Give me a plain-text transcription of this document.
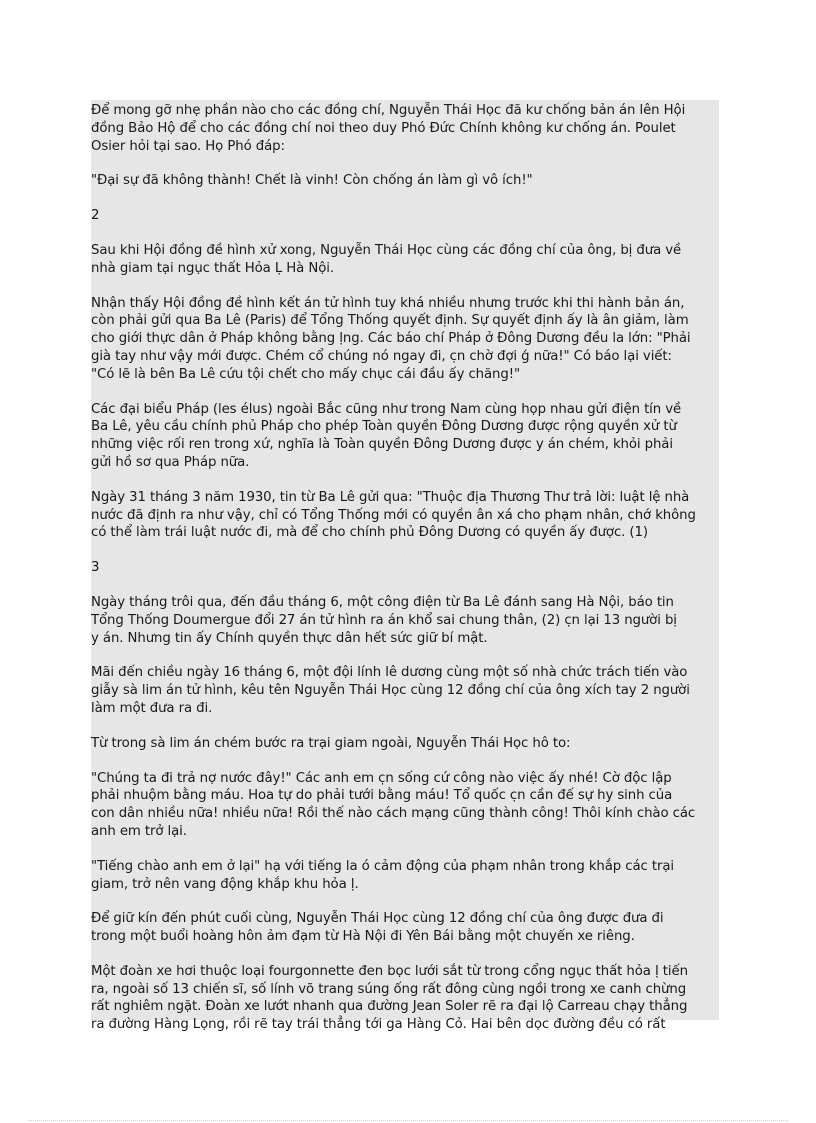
Để mong gỡ nhẹ phần nào cho các đồng chí, Nguyễn Thái Học đã kư chống bản án lên Hội
đồng Bảo Hộ để cho các đồng chí noi theo duy Phó Đức Chính không kư chống án. Poulet
Osier hỏi tại sao. Họ Phó đáp:

"Đại sự đã không thành! Chết là vinh! Còn chống án làm gì vô ích!"

2

Sau khi Hội đồng đề hình xử xong, Nguyễn Thái Học cùng các đồng chí của ông, bị đưa về
nhà giam tại ngục thất Hỏa Ḷ Hà Nội.

Nhận thấy Hội đồng đề hình kết án tử hình tuy khá nhiều nhưng trước khi thi hành bản án,
còn phải gửi qua Ba Lê (Paris) để Tổng Thống quyết định. Sự quyết định ấy là ân giảm, làm
cho giới thực dân ở Pháp không bằng ḷng. Các báo chí Pháp ở Đông Dương đều la lớn: "Phải
già tay như vậy mới được. Chém cổ chúng nó ngay đi, c̣n chờ đợi ǵ nữa!" Có báo lại viết:
"Có lẽ là bên Ba Lê cứu tội chết cho mấy chục cái đầu ấy chăng!"

Các đại biểu Pháp (les élus) ngoài Bắc cũng như trong Nam cùng họp nhau gửi điện tín về
Ba Lê, yêu cầu chính phủ Pháp cho phép Toàn quyền Đông Dương được rộng quyền xử từ
những việc rối ren trong xứ, nghĩa là Toàn quyền Đông Dương được y án chém, khỏi phải
gửi hồ sơ qua Pháp nữa.

Ngày 31 tháng 3 năm 1930, tin từ Ba Lê gửi qua: "Thuộc địa Thương Thư trả lời: luật lệ nhà
nước đã định ra như vậy, chỉ có Tổng Thống mới có quyền ân xá cho phạm nhân, chớ không
có thể làm trái luật nước đi, mà để cho chính phủ Đông Dương có quyền ấy được. (1)

3

Ngày tháng trôi qua, đến đầu tháng 6, một công điện từ Ba Lê đánh sang Hà Nội, báo tin
Tổng Thống Doumergue đổi 27 án tử hình ra án khổ sai chung thân, (2) c̣n lại 13 người bị
y án. Nhưng tin ấy Chính quyền thực dân hết sức giữ bí mật.

Mãi đến chiều ngày 16 tháng 6, một đội lính lê dương cùng một số nhà chức trách tiến vào
giẫy sà lim án tử hình, kêu tên Nguyễn Thái Học cùng 12 đồng chí của ông xích tay 2 người
làm một đưa ra đi.

Từ trong sà lim án chém bước ra trại giam ngoài, Nguyễn Thái Học hô to:

"Chúng ta đi trả nợ nước đây!" Các anh em c̣n sống cứ công nào việc ấy nhé! Cờ độc lập
phải nhuộm bằng máu. Hoa tự do phải tưới bằng máu! Tổ quốc c̣n cần đế sự hy sinh của
con dân nhiều nữa! nhiều nữa! Rồi thế nào cách mạng cũng thành công! Thôi kính chào các
anh em trở lại.

"Tiếng chào anh em ở lại" hạ với tiếng la ó cảm động của phạm nhân trong khắp các trại
giam, trở nên vang động khắp khu hỏa ḷ.

Để giữ kín đến phút cuối cùng, Nguyễn Thái Học cùng 12 đồng chí của ông được đưa đi
trong một buổi hoàng hôn ảm đạm từ Hà Nội đi Yên Bái bằng một chuyến xe riêng.

Một đoàn xe hơi thuộc loại fourgonnette đen bọc lưới sắt từ trong cổng ngục thất hỏa ḷ tiến
ra, ngoài số 13 chiến sĩ, số lính võ trang súng ống rất đông cùng ngồi trong xe canh chừng
rất nghiêm ngặt. Đoàn xe lướt nhanh qua đường Jean Soler rẽ ra đại lộ Carreau chạy thẳng
ra đường Hàng Lọng, rồi rẽ tay trái thẳng tới ga Hàng Cỏ. Hai bên dọc đường đều có rất
